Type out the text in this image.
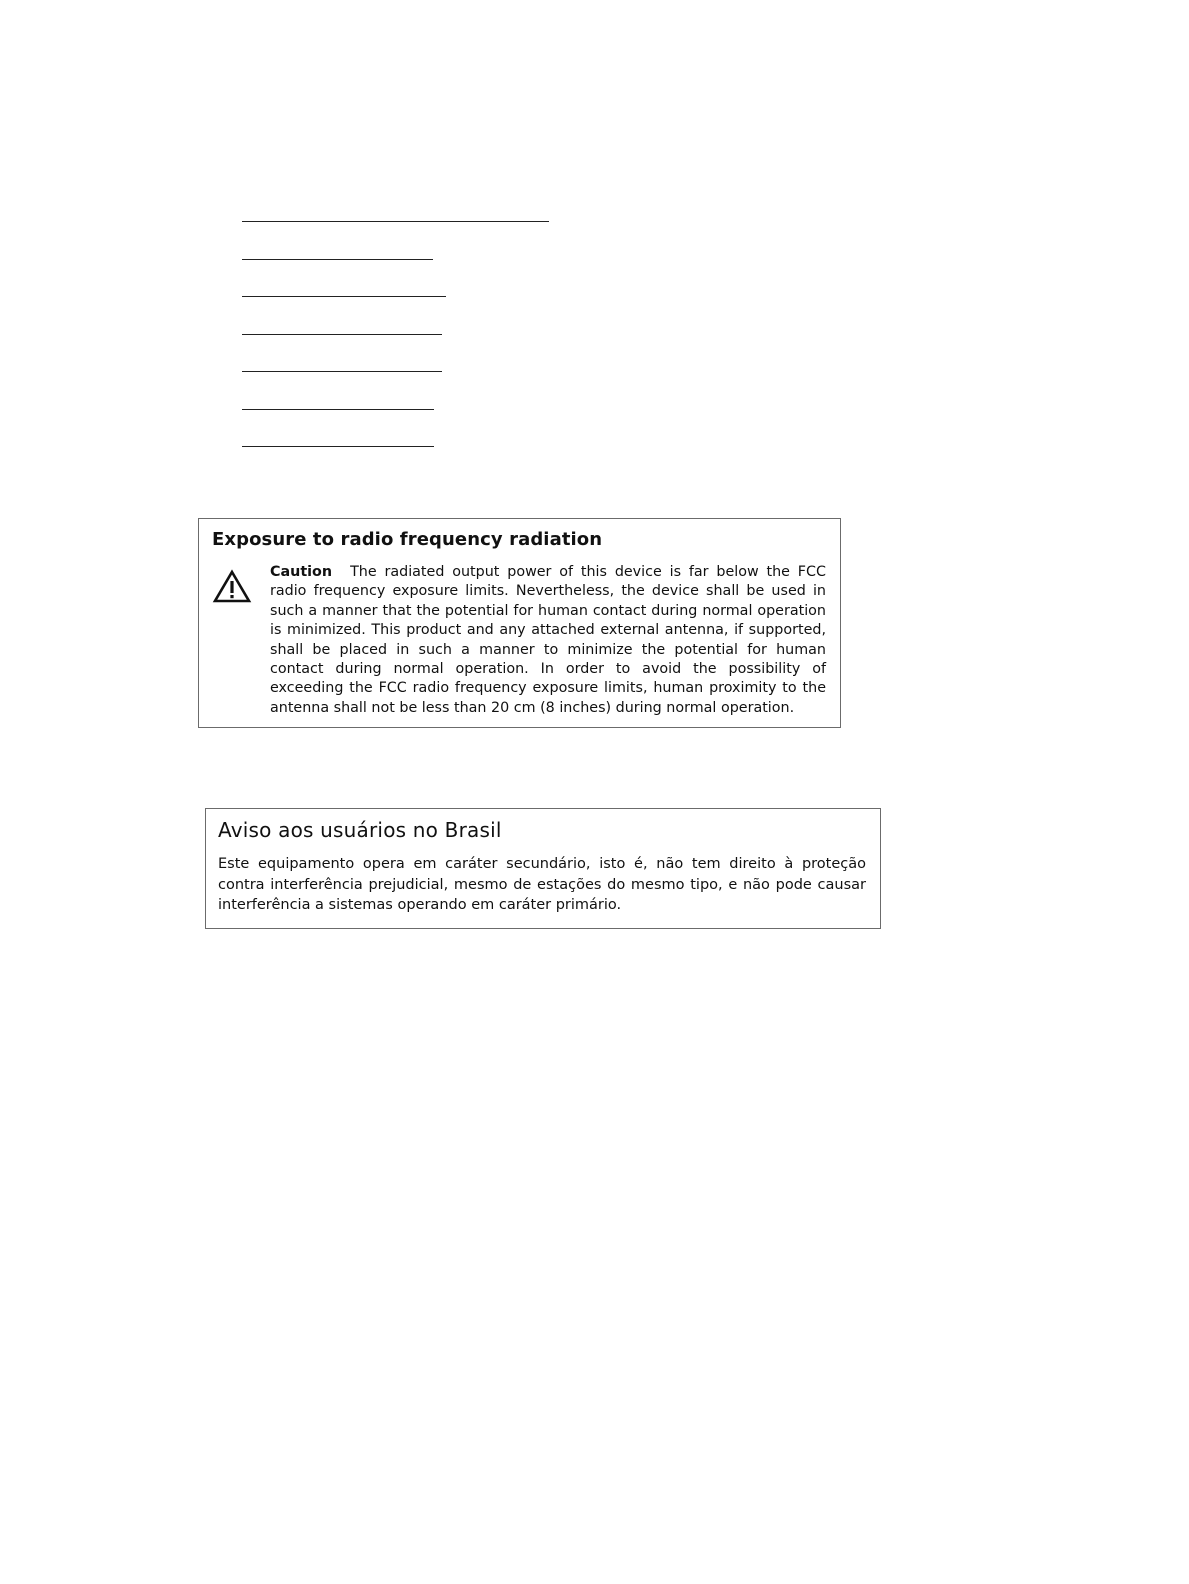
Exposure to radio frequency radiation

Caution The radiated output power of this device is far below the FCC radio frequency exposure limits. Nevertheless, the device shall be used in such a manner that the potential for human contact during normal operation is minimized. This product and any attached external antenna, if supported, shall be placed in such a manner to minimize the potential for human contact during normal operation. In order to avoid the possibility of exceeding the FCC radio frequency exposure limits, human proximity to the antenna shall not be less than 20 cm (8 inches) during normal operation.

Aviso aos usuários no Brasil

Este equipamento opera em caráter secundário, isto é, não tem direito à proteção contra interferência prejudicial, mesmo de estações do mesmo tipo, e não pode causar interferência a sistemas operando em caráter primário.
